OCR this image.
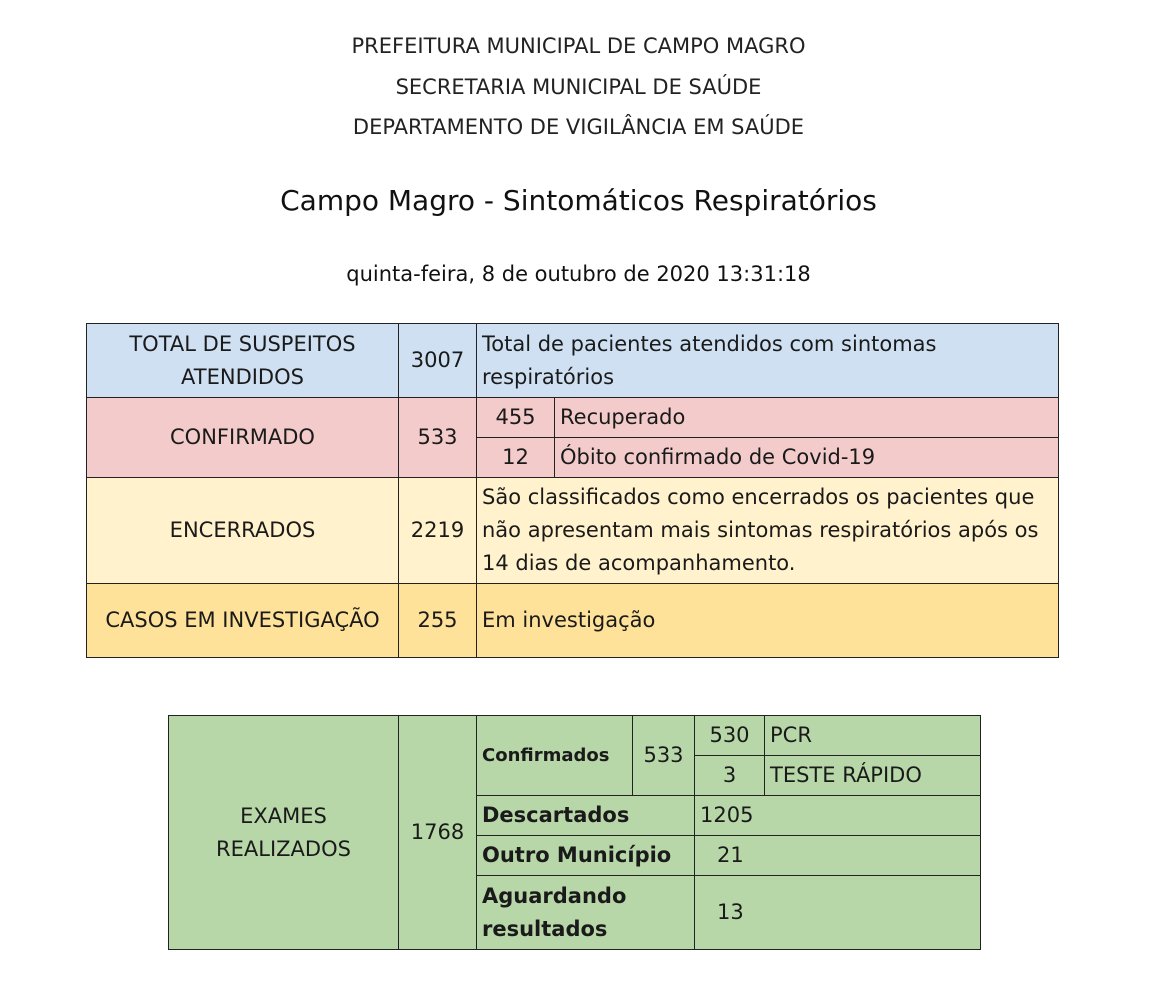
PREFEITURA MUNICIPAL DE CAMPO MAGRO
SECRETARIA MUNICIPAL DE SAÚDE
DEPARTAMENTO DE VIGILÂNCIA EM SAÚDE
Campo Magro - Sintomáticos Respiratórios
quinta-feira, 8 de outubro de 2020 13:31:18
TOTAL DE SUSPEITOS ATENDIDOS	3007	Total de pacientes atendidos com sintomas respiratórios	
CONFIRMADO	533	455	Recuperado
		12	Óbito confirmado de Covid-19
ENCERRADOS	2219	São classificados como encerrados os pacientes que não apresentam mais sintomas respiratórios após os 14 dias de acompanhamento.	
CASOS EM INVESTIGAÇÃO	255	Em investigação	
EXAMES REALIZADOS	1768	Confirmados	533	530	PCR
				3	TESTE RÁPIDO
		Descartados		1205	
		Outro Município		21	
		Aguardando resultados		13	
